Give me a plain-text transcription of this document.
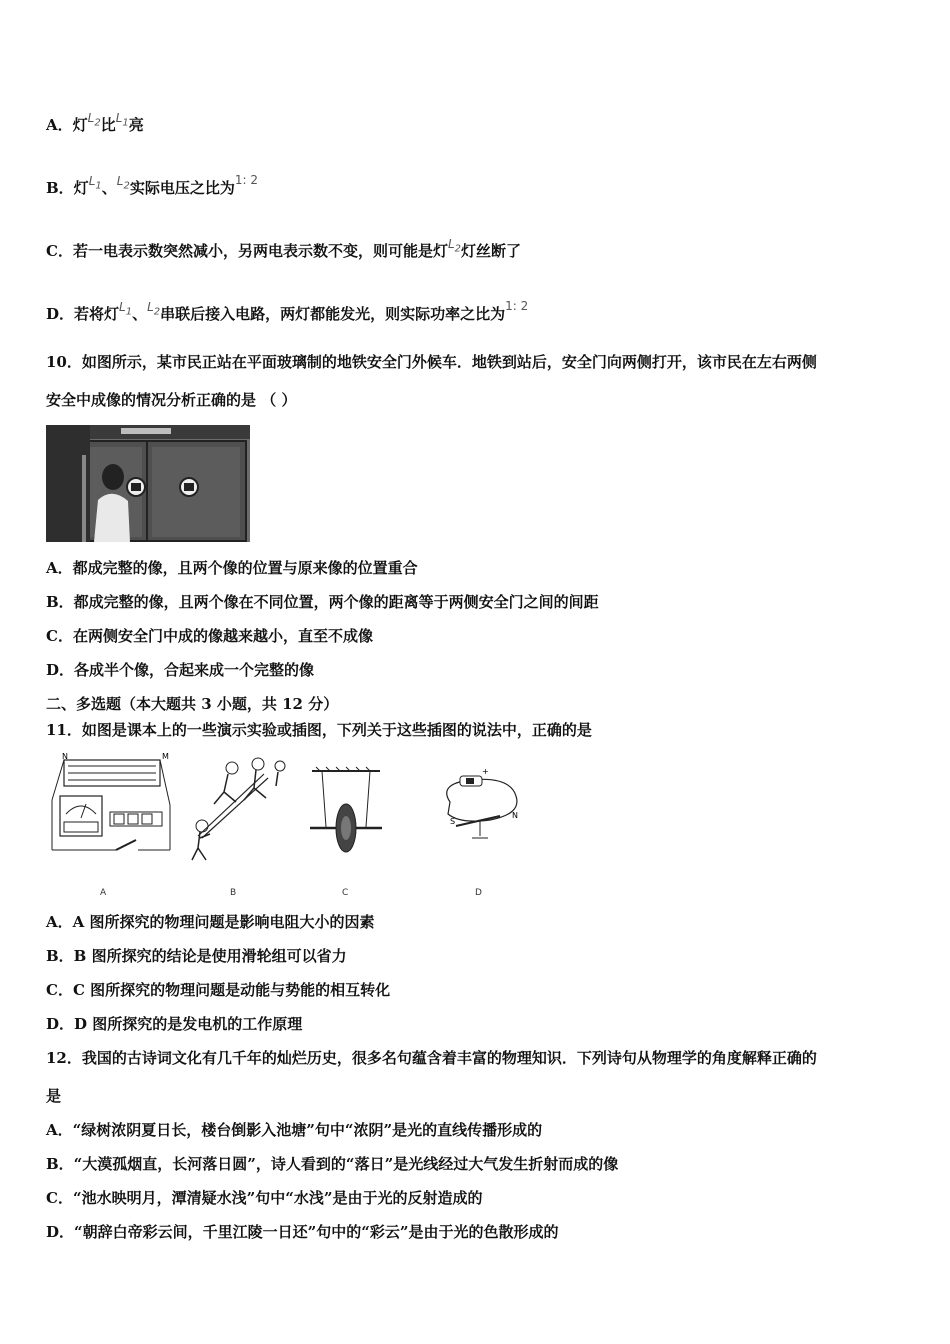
A．灯$^{L_2}$比$^{L_1}$亮
B．灯$^{L_1}$、$^{L_2}$实际电压之比为$^{1: 2}$
C．若一电表示数突然减小，另两电表示数不变，则可能是灯$^{L_2}$灯丝断了
D．若将灯$^{L_1}$、$^{L_2}$串联后接入电路，两灯都能发光，则实际功率之比为$^{1: 2}$
10．如图所示，某市民正站在平面玻璃制的地铁安全门外候车．地铁到站后，安全门向两侧打开，该市民在左右两侧
安全中成像的情况分析正确的是 （ ）
A．都成完整的像，且两个像的位置与原来像的位置重合
B．都成完整的像，且两个像在不同位置，两个像的距离等于两侧安全门之间的间距
C．在两侧安全门中成的像越来越小，直至不成像
D．各成半个像，合起来成一个完整的像
二、多选题（本大题共 3 小题，共 12 分）
11．如图是课本上的一些演示实验或插图，下列关于这些插图的说法中，正确的是
N	M
+
S
N
A	B	C	D
A．A 图所探究的物理问题是影响电阻大小的因素
B．B 图所探究的结论是使用滑轮组可以省力
C．C 图所探究的物理问题是动能与势能的相互转化
D．D 图所探究的是发电机的工作原理
12．我国的古诗词文化有几千年的灿烂历史，很多名句蕴含着丰富的物理知识．下列诗句从物理学的角度解释正确的
是
A．“绿树浓阴夏日长，楼台倒影入池塘”句中“浓阴”是光的直线传播形成的
B．“大漠孤烟直，长河落日圆”，诗人看到的“落日”是光线经过大气发生折射而成的像
C．“池水映明月，潭清疑水浅”句中“水浅”是由于光的反射造成的
D．“朝辞白帝彩云间，千里江陵一日还”句中的“彩云”是由于光的色散形成的
